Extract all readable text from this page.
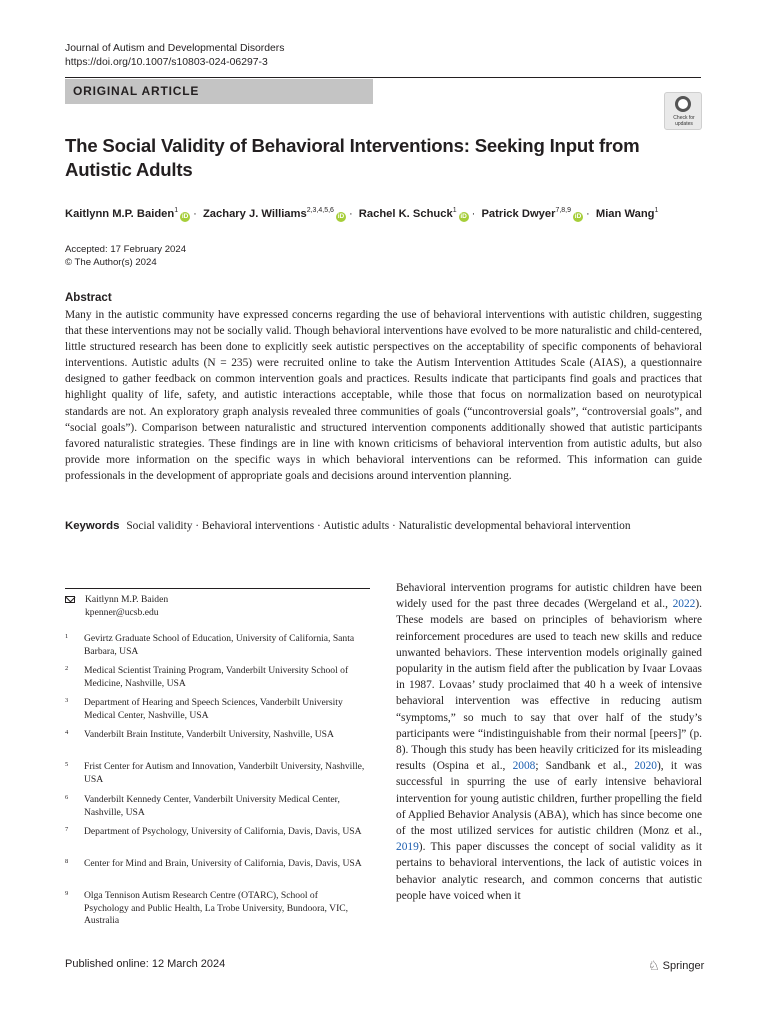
Journal of Autism and Developmental Disorders
https://doi.org/10.1007/s10803-024-06297-3
ORIGINAL ARTICLE
Check for
updates
The Social Validity of Behavioral Interventions: Seeking Input from Autistic Adults
Kaitlynn M.P. Baiden$^1$iD · Zachary J. Williams$^{2,3,4,5,6}$iD · Rachel K. Schuck$^1$iD · Patrick Dwyer$^{7,8,9}$iD · Mian Wang$^1$
Accepted: 17 February 2024
© The Author(s) 2024
Abstract
Many in the autistic community have expressed concerns regarding the use of behavioral interventions with autistic children, suggesting that these interventions may not be socially valid. Though behavioral interventions have evolved to be more naturalistic and child-centered, little structured research has been done to explicitly seek autistic perspectives on the acceptability of specific components of behavioral interventions. Autistic adults (N = 235) were recruited online to take the Autism Intervention Attitudes Scale (AIAS), a questionnaire designed to gather feedback on common intervention goals and practices. Results indicate that participants find goals and practices that highlight quality of life, safety, and autistic interactions acceptable, while those that focus on normalization based on neurotypical standards are not. An exploratory graph analysis revealed three communities of goals (“uncontroversial goals”, “controversial goals”, and “social goals”). Comparison between naturalistic and structured intervention components additionally showed that autistic participants favored naturalistic strategies. These findings are in line with known criticisms of behavioral intervention from autistic adults, but also provide more information on the specific ways in which behavioral interventions can be reformed. This information can guide professionals in the development of appropriate goals and decisions around intervention planning.
Keywords Social validity · Behavioral interventions · Autistic adults · Naturalistic developmental behavioral intervention
Kaitlynn M.P. Baiden
kpenner@ucsb.edu
1 Gevirtz Graduate School of Education, University of California, Santa Barbara, USA
2 Medical Scientist Training Program, Vanderbilt University School of Medicine, Nashville, USA
3 Department of Hearing and Speech Sciences, Vanderbilt University Medical Center, Nashville, USA
4 Vanderbilt Brain Institute, Vanderbilt University, Nashville, USA
5 Frist Center for Autism and Innovation, Vanderbilt University, Nashville, USA
6 Vanderbilt Kennedy Center, Vanderbilt University Medical Center, Nashville, USA
7 Department of Psychology, University of California, Davis, Davis, USA
8 Center for Mind and Brain, University of California, Davis, Davis, USA
9 Olga Tennison Autism Research Centre (OTARC), School of Psychology and Public Health, La Trobe University, Bundoora, VIC, Australia
Behavioral intervention programs for autistic children have been widely used for the past three decades (Wergeland et al., 2022). These models are based on principles of behaviorism where reinforcement procedures are used to teach new skills and reduce unwanted behaviors. These intervention models originally gained popularity in the autism field after the publication by Ivaar Lovaas in 1987. Lovaas’ study proclaimed that 40 h a week of intensive behavioral intervention was effective in reducing autism “symptoms,” so much to say that over half of the study’s participants were “indistinguishable from their normal [peers]” (p. 8). Though this study has been heavily criticized for its misleading results (Ospina et al., 2008; Sandbank et al., 2020), it was successful in spurring the use of early intensive behavioral intervention for young autistic children, further propelling the field of Applied Behavior Analysis (ABA), which has since become one of the most utilized services for autistic children (Monz et al., 2019). This paper discusses the concept of social validity as it pertains to behavioral interventions, the lack of autistic voices in behavior analytic research, and common concerns that autistic people have voiced when it
Published online: 12 March 2024	♘ Springer
